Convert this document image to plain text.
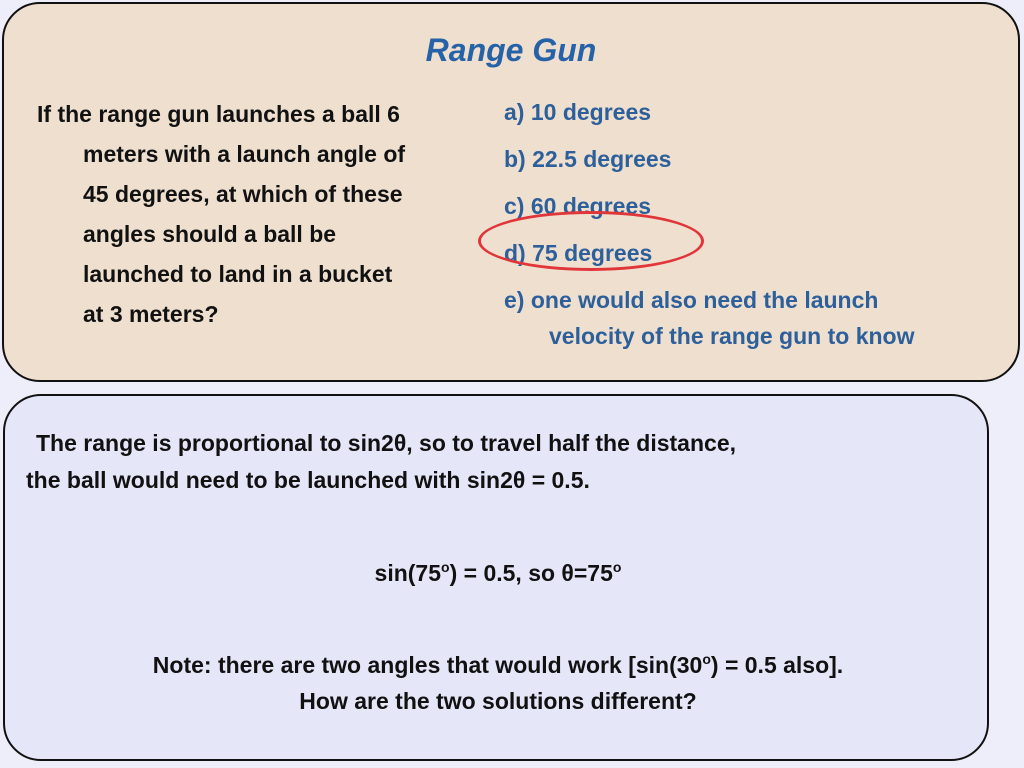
Range Gun
If the range gun launches a ball 6
meters with a launch angle of
45 degrees, at which of these
angles should a ball be
launched to land in a bucket
at 3 meters?
a) 10 degrees
b) 22.5 degrees
c) 60 degrees
d) 75 degrees
e) one would also need the launch
velocity of the range gun to know
The range is proportional to sin2θ, so to travel half the distance,
the ball would need to be launched with sin2θ = 0.5.
$\sin(75^o) = 0.5$, so $\theta=75^o$
Note: there are two angles that would work [$\sin(30^o) = 0.5$ also].
How are the two solutions different?
